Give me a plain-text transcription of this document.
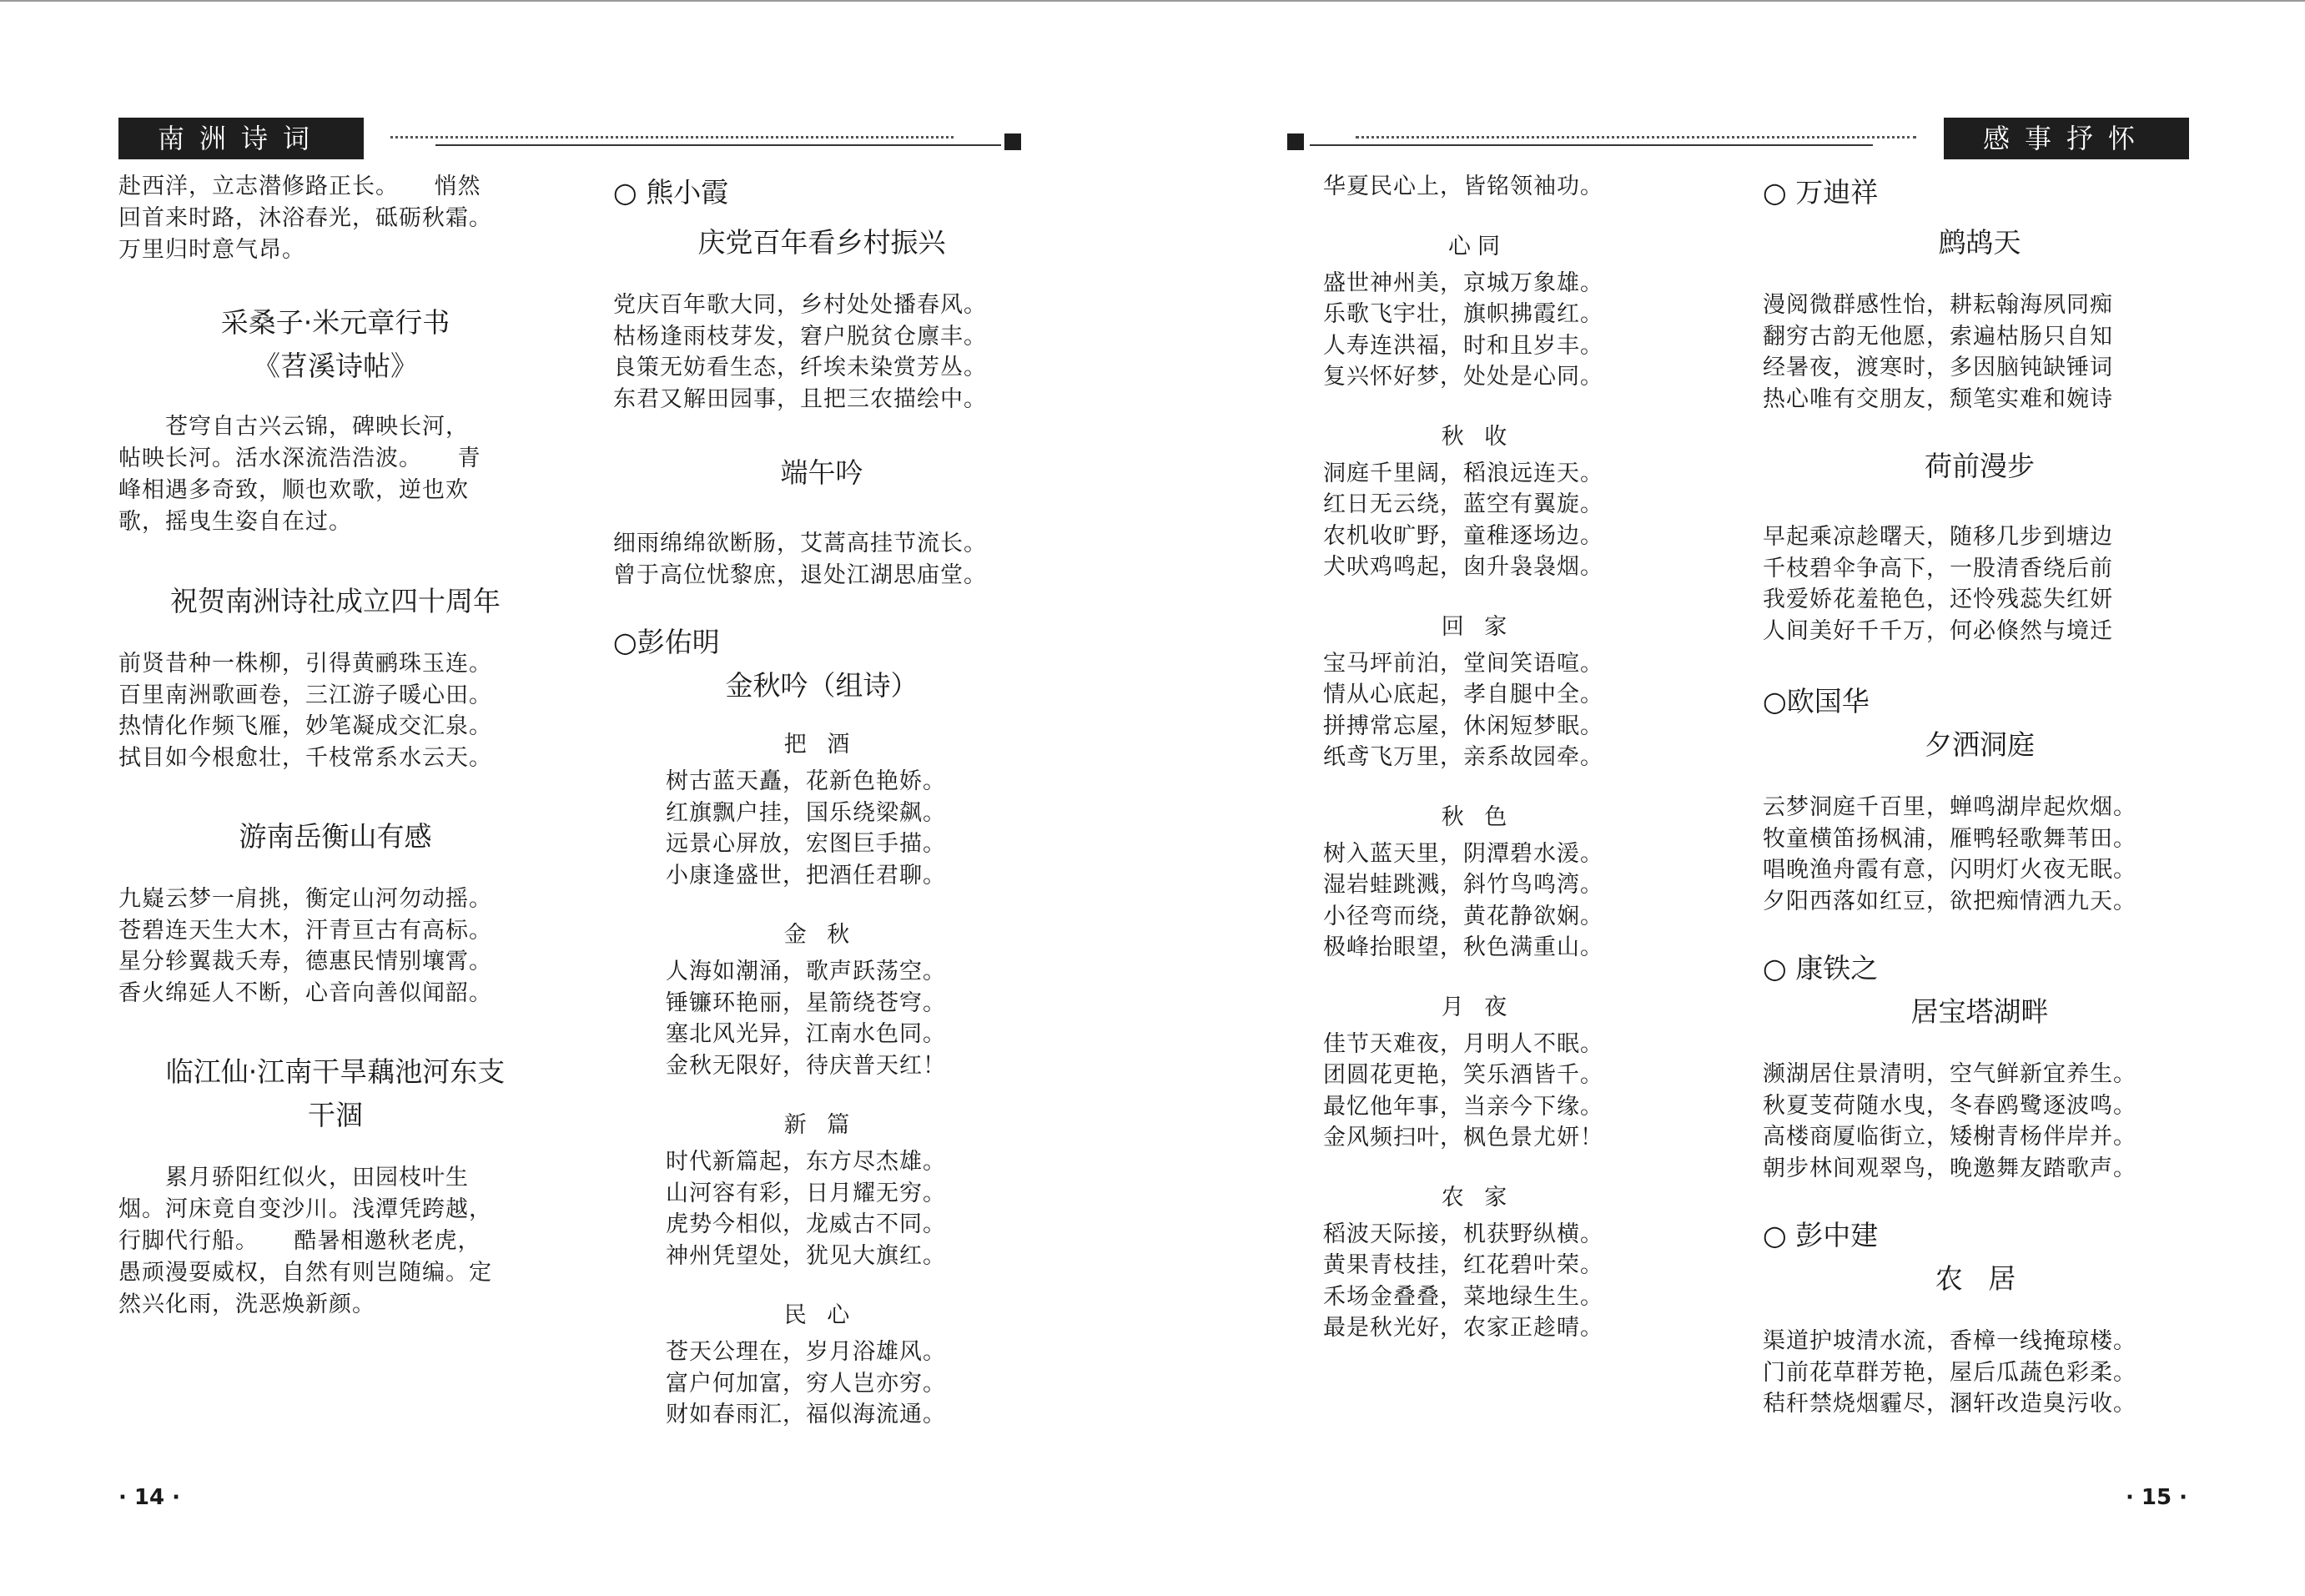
南洲诗词	感事抒怀

赴西洋，立志潜修路正长。　　悄然

回首来时路，沐浴春光，砥砺秋霜。

万里归时意气昂。

采桑子·米元章行书
《苕溪诗帖》

　　苍穹自古兴云锦，碑映长河，

帖映长河。活水深流浩浩波。　　青

峰相遇多奇致，顺也欢歌，逆也欢

歌，摇曳生姿自在过。

祝贺南洲诗社成立四十周年
前贤昔种一株柳，引得黄鹂珠玉连。
百里南洲歌画卷，三江游子暖心田。
热情化作频飞雁，妙笔凝成交汇泉。
拭目如今根愈壮，千枝常系水云天。
游南岳衡山有感
九嶷云梦一肩挑，衡定山河勿动摇。
苍碧连天生大木，汗青亘古有高标。
星分轸翼裁夭寿，德惠民情别壤霄。
香火绵延人不断，心音向善似闻韶。
临江仙·江南干旱藕池河东支
干涸

　　累月骄阳红似火，田园枝叶生

烟。河床竟自变沙川。浅潭凭跨越，

行脚代行船。　　酷暑相邀秋老虎，

愚顽漫耍威权，自然有则岂随编。定

然兴化雨，洗恶焕新颜。

○ 熊小霞
庆党百年看乡村振兴
党庆百年歌大同，乡村处处播春风。
枯杨逢雨枝芽发，窘户脱贫仓廪丰。
良策无妨看生态，纤埃未染赏芳丛。
东君又解田园事，且把三农描绘中。
端午吟
细雨绵绵欲断肠，艾蒿高挂节流长。
曾于高位忧黎庶，退处江湖思庙堂。
○彭佑明
金秋吟（组诗）
把 酒
树古蓝天矗，花新色艳娇。
红旗飘户挂，国乐绕梁飙。
远景心屏放，宏图巨手描。
小康逢盛世，把酒任君聊。
金 秋
人海如潮涌，歌声跃荡空。
锤镰环艳丽，星箭绕苍穹。
塞北风光异，江南水色同。
金秋无限好，待庆普天红！
新 篇
时代新篇起，东方尽杰雄。
山河容有彩，日月耀无穷。
虎势今相似，龙威古不同。
神州凭望处，犹见大旗红。
民 心
苍天公理在，岁月浴雄风。
富户何加富，穷人岂亦穷。
财如春雨汇，福似海流通。
华夏民心上，皆铭领袖功。
心同
盛世神州美，京城万象雄。
乐歌飞宇壮，旗帜拂霞红。
人寿连洪福，时和且岁丰。
复兴怀好梦，处处是心同。
秋 收
洞庭千里阔，稻浪远连天。
红日无云绕，蓝空有翼旋。
农机收旷野，童稚逐场边。
犬吠鸡鸣起，囱升袅袅烟。
回 家
宝马坪前泊，堂间笑语喧。
情从心底起，孝自腿中全。
拼搏常忘屋，休闲短梦眠。
纸鸢飞万里，亲系故园牵。
秋 色
树入蓝天里，阴潭碧水湲。
湿岩蛙跳溅，斜竹鸟鸣湾。
小径弯而绕，黄花静欲娴。
极峰抬眼望，秋色满重山。
月 夜
佳节天难夜，月明人不眠。
团圆花更艳，笑乐酒皆千。
最忆他年事，当亲今下缘。
金风频扫叶，枫色景尤妍！
农 家
稻波天际接，机获野纵横。
黄果青枝挂，红花碧叶荣。
禾场金叠叠，菜地绿生生。
最是秋光好，农家正趁晴。
○ 万迪祥
鹧鸪天
漫阅微群感性怡，耕耘翰海夙同痴
翻穷古韵无他愿，索遍枯肠只自知
经暑夜，渡寒时，多因脑钝缺锤词
热心唯有交朋友，颓笔实难和婉诗
荷前漫步
早起乘凉趁曙天，随移几步到塘边
千枝碧伞争高下，一股清香绕后前
我爱娇花羞艳色，还怜残蕊失红妍
人间美好千千万，何必倏然与境迁
○欧国华
夕洒洞庭
云梦洞庭千百里，蝉鸣湖岸起炊烟。
牧童横笛扬枫浦，雁鸭轻歌舞苇田。
唱晚渔舟霞有意，闪明灯火夜无眠。
夕阳西落如红豆，欲把痴情洒九天。
○ 康铁之
居宝塔湖畔
濒湖居住景清明，空气鲜新宜养生。
秋夏芰荷随水曳，冬春鸥鹭逐波鸣。
高楼商厦临街立，矮榭青杨伴岸并。
朝步林间观翠鸟，晚邀舞友踏歌声。
○ 彭中建
农 居
渠道护坡清水流，香樟一线掩琼楼。
门前花草群芳艳，屋后瓜蔬色彩柔。
秸秆禁烧烟霾尽，溷轩改造臭污收。
· 14 ·	· 15 ·
